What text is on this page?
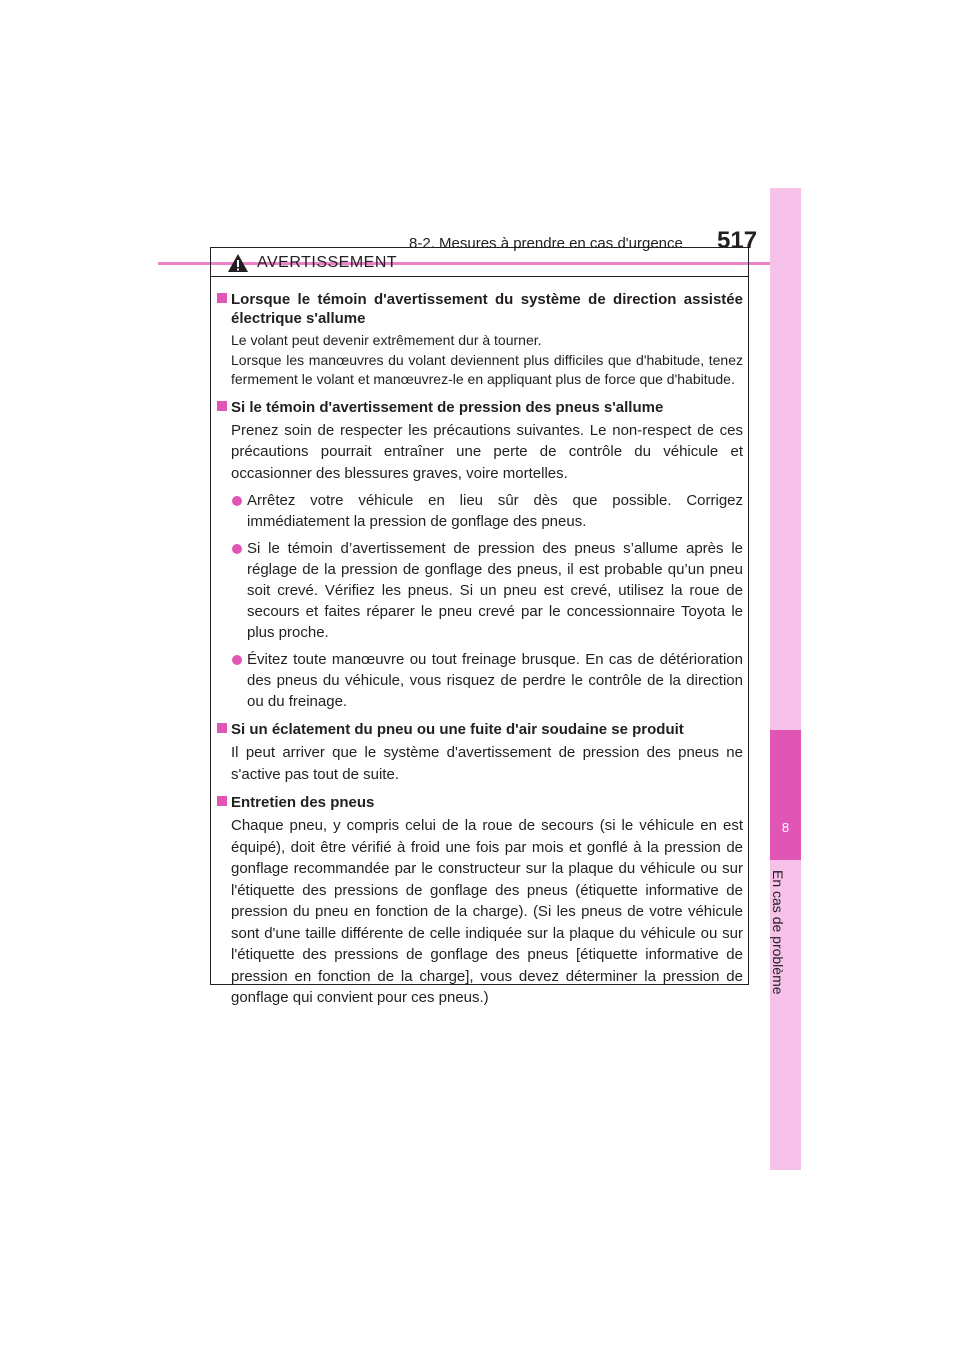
8-2. Mesures à prendre en cas d'urgence 517
8
En cas de problème
AVERTISSEMENT
Lorsque le témoin d'avertissement du système de direction assistée électrique s'allume
Le volant peut devenir extrêmement dur à tourner.
Lorsque les manœuvres du volant deviennent plus difficiles que d'habitude, tenez fermement le volant et manœuvrez-le en appliquant plus de force que d'habitude.
Si le témoin d'avertissement de pression des pneus s'allume
Prenez soin de respecter les précautions suivantes. Le non-respect de ces précautions pourrait entraîner une perte de contrôle du véhicule et occasionner des blessures graves, voire mortelles.
Arrêtez votre véhicule en lieu sûr dès que possible. Corrigez immédiatement la pression de gonflage des pneus.
Si le témoin d’avertissement de pression des pneus s’allume après le réglage de la pression de gonflage des pneus, il est probable qu’un pneu soit crevé. Vérifiez les pneus. Si un pneu est crevé, utilisez la roue de secours et faites réparer le pneu crevé par le concessionnaire Toyota le plus proche.
Évitez toute manœuvre ou tout freinage brusque. En cas de détérioration des pneus du véhicule, vous risquez de perdre le contrôle de la direction ou du freinage.
Si un éclatement du pneu ou une fuite d'air soudaine se produit
Il peut arriver que le système d'avertissement de pression des pneus ne s'active pas tout de suite.
Entretien des pneus
Chaque pneu, y compris celui de la roue de secours (si le véhicule en est équipé), doit être vérifié à froid une fois par mois et gonflé à la pression de gonflage recommandée par le constructeur sur la plaque du véhicule ou sur l'étiquette des pressions de gonflage des pneus (étiquette informative de pression du pneu en fonction de la charge). (Si les pneus de votre véhicule sont d'une taille différente de celle indiquée sur la plaque du véhicule ou sur l'étiquette des pressions de gonflage des pneus [étiquette informative de pression en fonction de la charge], vous devez déterminer la pression de gonflage qui convient pour ces pneus.)
